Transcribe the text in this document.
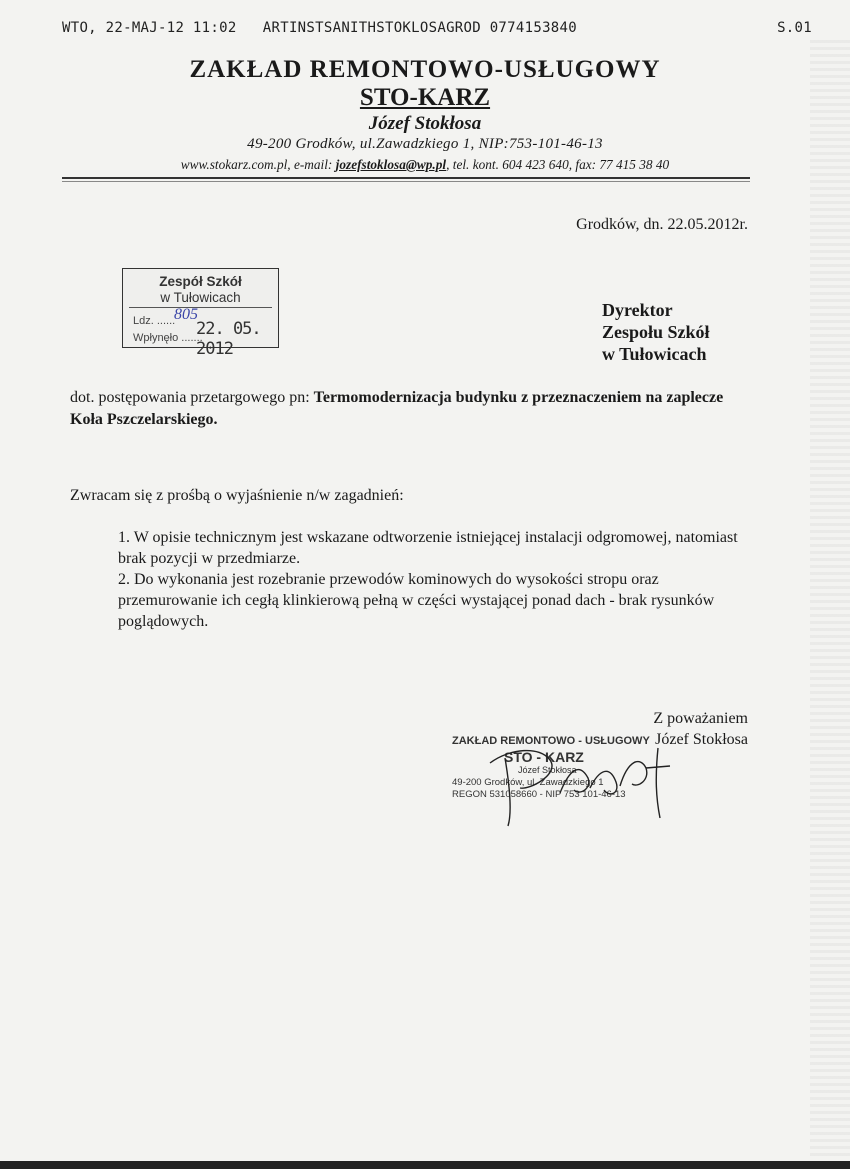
WTO, 22-MAJ-12 11:02   ARTINSTSANITHSTOKLOSAGROD 0774153840	S.01
ZAKŁAD REMONTOWO-USŁUGOWY
STO-KARZ
Józef Stokłosa
49-200 Grodków, ul.Zawadzkiego 1, NIP:753-101-46-13
www.stokarz.com.pl, e-mail: jozefstoklosa@wp.pl, tel. kont. 604 423 640, fax: 77 415 38 40
Grodków, dn. 22.05.2012r.
Zespół Szkół
w Tułowicach
Ldz. ......
805
Wpłynęło .......
22. 05. 2012
Dyrektor
Zespołu Szkół
w Tułowicach
dot. postępowania przetargowego pn: Termomodernizacja budynku z przeznaczeniem na zaplecze Koła Pszczelarskiego.
Zwracam się z prośbą o wyjaśnienie n/w zagadnień:
1. W opisie technicznym jest wskazane odtworzenie istniejącej instalacji odgromowej, natomiast brak pozycji w przedmiarze.
2. Do wykonania jest rozebranie przewodów kominowych do wysokości stropu oraz przemurowanie ich cegłą klinkierową pełną w części wystającej ponad dach - brak rysunków poglądowych.
Z poważaniem
Józef Stokłosa
ZAKŁAD REMONTOWO - USŁUGOWY
STO - KARZ
Józef Stokłosa
49-200 Grodków, ul. Zawadzkiego 1
REGON 531058660 - NIP 753 101-46-13
